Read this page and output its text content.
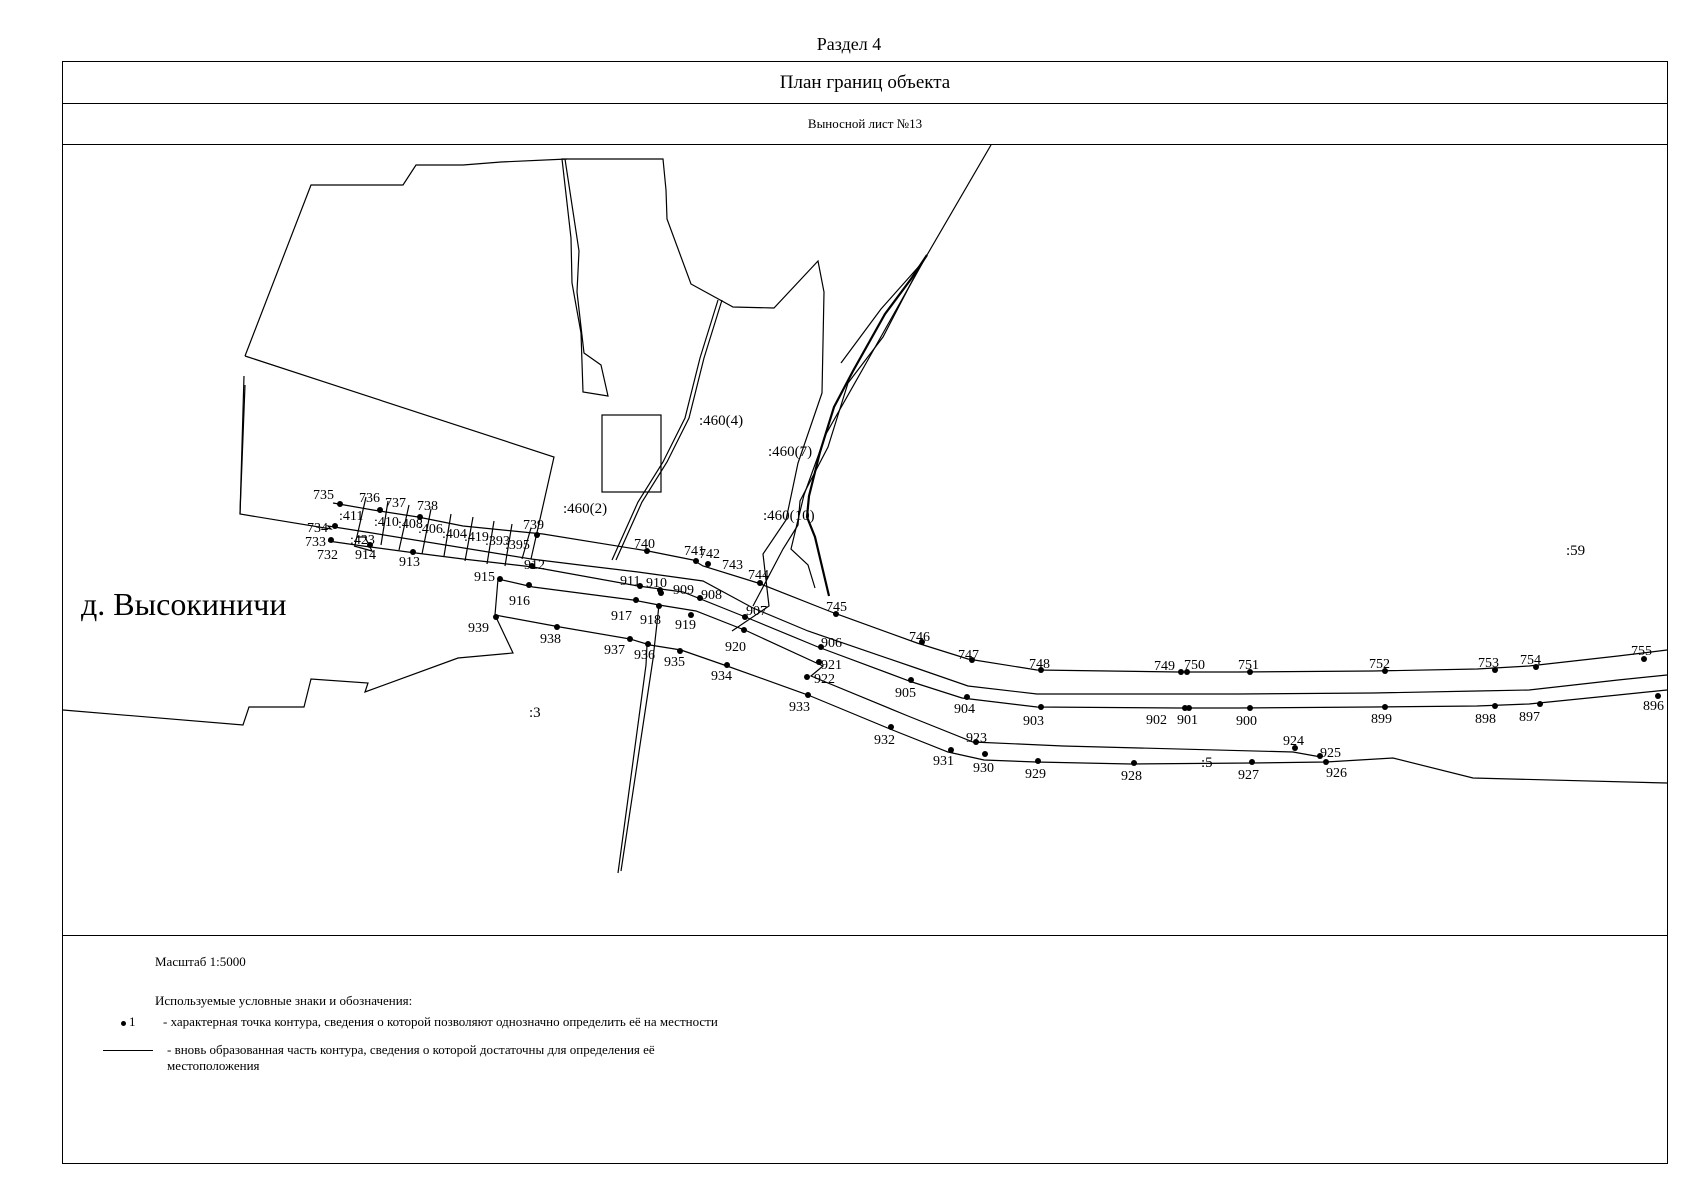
Раздел 4
План границ объекта
Выносной лист №13
:460(4)
:460(7)
:460(2)	:460(10)
:59
:3
:5
:411 :410 :408
:406 :404
:419
:393
:395
:423
д. Высокиничи
735 736 737 738
739
734
733
732
740 741
742
743
744
745
746
747
748	749 750 751	752	753 754
755
914 913	912
915	911 910 909 908
907
906
905
904
903	902 901	900	899	898 897
896
916
917 918 919
920
921
922
923	924
925
926
927
928
929
930
931
932
933
934
935
936
937
938
939
Масштаб 1:5000
Используемые условные знаки и обозначения:
1	- характерная точка контура, сведения о которой позволяют однозначно определить её на местности
- вновь образованная часть контура, сведения о которой достаточны для определения её местоположения
